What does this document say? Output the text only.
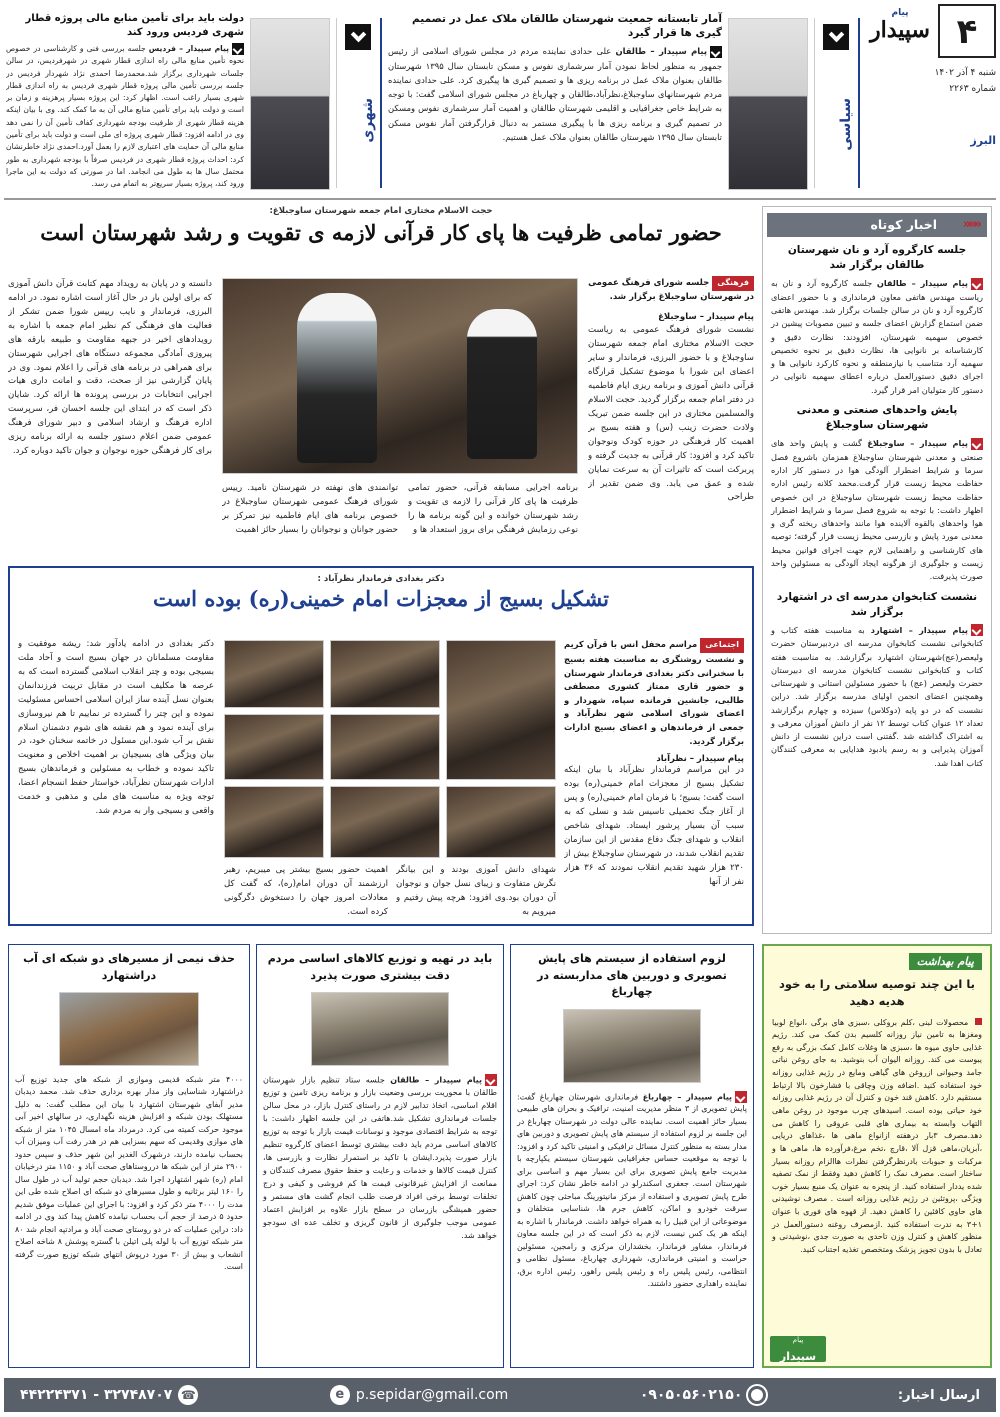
۴
پیام
سپیدار
شنبه ۴ آذر ۱۴۰۲
شماره ۲۲۶۳
البرز
سیاسی
آمار تابستانه جمعیت شهرستان طالقان ملاک عمل در تصمیم گیری ها قرار گیرد
پیام سپیدار – طالقان علی حدادی نماینده مردم در مجلس شورای اسلامی از رئیس جمهور به منظور لحاظ نمودن آمار سرشماری نفوس و مسکن تابستان سال ۱۳۹۵ شهرستان طالقان بعنوان ملاک عمل در برنامه ریزی ها و تصمیم گیری ها پیگیری کرد. علی حدادی نماینده مردم شهرستانهای ساوجبلاغ،نظرآباد،طالقان و چهارباغ در مجلس شورای اسلامی گفت: با توجه به شرایط خاص جغرافیایی و اقلیمی شهرستان طالقان و اهمیت آمار سرشماری نفوس ومسکن در تصمیم گیری و برنامه ریزی ها با پیگیری مستمر به دنبال قرارگرفتن آمار نفوس مسکن تابستان سال ۱۳۹۵ شهرستان طالقان بعنوان ملاک عمل هستیم.
شهری
دولت باید برای تأمین منابع مالی پروژه قطار شهری فردیس ورود کند
پیام سپیدار – فردیس جلسه بررسی فنی و کارشناسی در خصوص نحوه تأمین منابع مالی راه اندازی قطار شهری در شهرفردیس، در سالن جلسات شهرداری برگزار شد.محمدرضا احمدی نژاد شهردار فردیس در جلسه بررسی تأمین مالی پروژه قطار شهری فردیس به راه اندازی قطار شهری بسیار راغب است. اظهار کرد: این پروژه بسیار پرهزینه و زمان بر است و دولت باید برای تأمین منابع مالی آن به ما کمک کند. وی با بیان اینکه هزینه قطار شهری از ظرفیت بودجه شهرداری کفاف تأمین آن را نمی دهد وی در ادامه افزود: قطار شهری پروژه ای ملی است و دولت باید برای تأمین منابع مالی آن حمایت های اعتباری لازم را بعمل آورد.احمدی نژاد خاطرنشان کرد: احداث پروژه قطار شهری در فردیس صرفاً با بودجه شهرداری به طور محتمل سال ها به طول می انجامد. اما در صورتی که دولت به این ماجرا ورود کند، پروژه بسیار سریع‌تر به اتمام می رسد.
«««
اخبار کوتاه
جلسه کارگروه آرد و نان شهرستان طالقان برگزار شد
پیام سپیدار – طالقان جلسه کارگروه آرد و نان به ریاست مهندس هاتفی معاون فرمانداری و با حضور اعضای کارگروه آرد و نان در سالن جلسات برگزار شد. مهندس هاتفی ضمن استماع گزارش اعضای جلسه و تبیین مصوبات پیشین در خصوص سهمیه شهرستان، افزودند: نظارت دقیق و کارشناسانه بر نانوایی ها، نظارت دقیق بر نحوه تخصیص سهمیه آرد متناسب با نیازمنطقه و نحوه کارکرد نانوایی ها و اجرای دقیق دستورالعمل درباره اعطای سهمیه نانوایی در دستور کار متولیان امر قرار گیرد.
پایش واحدهای صنعتی و معدنی شهرستان ساوجبلاغ
پیام سپیدار – ساوجبلاغ گشت و پایش واحد های صنعتی و معدنی شهرستان ساوجبلاغ همزمان باشروع فصل سرما و شرایط اضطرار آلودگی هوا در دستور کار اداره حفاظت محیط زیست قرار گرفت.محمد کلانه رئیس اداره حفاظت محیط زیست شهرستان ساوجبلاغ در این خصوص اظهار داشت: با توجه به شروع فصل سرما و شرایط اضطرار هوا واحدهای بالقوه آلاینده هوا مانند واحدهای ریخته گری و معدنی مورد پایش و بازرسی محیط زیست قرار گرفته؛ توصیه های کارشناسی و راهنمایی لازم جهت اجرای قوانین محیط زیست و جلوگیری از هرگونه ایجاد آلودگی به مسئولین واحد صورت پذیرفت.
نشست کتابخوان مدرسه ای در اشتهارد برگزار شد
پیام سپیدار – اشتهارد به مناسبت هفته کتاب و کتابخوانی نشست کتابخوان مدرسه ای دردبیرستان حضرت ولیعصر(عج)شهرستان اشتهارد برگزارشد. به مناسبت هفته کتاب و کتابخوانی نشست کتابخوان مدرسه ای دبیرستان حضرت ولیعصر (عج) با حضور مسئولین استانی و شهرستانی وهمچنین اعضای انجمن اولیای مدرسه برگزار شد. دراین نشست که در دو پایه (دوکلاس) سیزده و چهارم برگزارشد تعداد ۱۲ عنوان کتاب توسط ۱۲ نفر از دانش آموزان معرفی و به اشتراک گذاشته شد .گفتنی است دراین نشست از دانش آموزان پذیرایی و به رسم یادبود هدایایی به معرفی کنندگان کتاب اهدا شد.
حجت الاسلام مختاری امام جمعه شهرستان ساوجبلاغ:
حضور تمامی ظرفیت ها پای کار قرآنی لازمه ی تقویت و رشد شهرستان است
فرهنگی جلسه شورای فرهنگ عمومی در شهرستان ساوجبلاغ برگزار شد.
پیام سپیدار – ساوجبلاغ
نشست شورای فرهنگ عمومی به ریاست حجت الاسلام مختاری امام جمعه شهرستان ساوجبلاغ و با حضور البرزی، فرماندار و سایر اعضای این شورا با موضوع تشکیل قرارگاه قرآنی دانش آموزی و برنامه ریزی ایام فاطمیه در دفتر امام جمعه برگزار گردید. حجت الاسلام والمسلمین مختاری در این جلسه ضمن تبریک ولادت حضرت زینب (س) و هفته بسیج بر اهمیت کار فرهنگی در حوزه کودک ونوجوان تاکید کرد و افزود: کار قرآنی به جدیت گرفته و پربرکت است که تاثیرات آن به سرعت نمایان شده و عمق می یابد. وی ضمن تقدیر از طراحی
برنامه اجرایی مسابقه قرآنی، حضور تمامی ظرفیت ها پای کار قرآنی را لازمه ی تقویت و رشد شهرستان خوانده و این گونه برنامه ها را نوعی رزمایش فرهنگی برای بروز استعداد ها و
توانمندی های نهفته در شهرستان نامید. رییس شورای فرهنگ عمومی شهرستان ساوجبلاغ در خصوص برنامه های ایام فاطمیه نیز تمرکز بر حضور جوانان و نوجوانان را بسیار حائز اهمیت
دانسته و در پایان به رویداد مهم کتابت قرآن دانش آموزی که برای اولین بار در حال آغاز است اشاره نمود. در ادامه البرزی، فرماندار و نایب رییس شورا ضمن تشکر از فعالیت های فرهنگی کم نظیر امام جمعه با اشاره به رویدادهای اخیر در جبهه مقاومت و طبیعه بارقه های پیروزی آمادگی مجموعه دستگاه های اجرایی شهرستان برای همراهی در برنامه های قرآنی را اعلام نمود. وی در پایان گزارشی نیز از صحت، دقت و امانت داری هیات اجرایی انتخابات در بررسی پرونده ها ارائه کرد. شایان ذکر است که در ابتدای این جلسه احسان فر، سرپرست اداره فرهنگ و ارشاد اسلامی و دبیر شورای فرهنگ عمومی ضمن اعلام دستور جلسه به ارائه برنامه ریزی برای کار فرهنگی حوزه نوجوان و جوان تاکید دوباره کرد.
دکتر بغدادی فرماندار نظرآباد :
تشکیل بسیج از معجزات امام خمینی(ره) بوده است
اجتماعی مراسم محفل انس با قرآن کریم و نشست روشنگری به مناسبت هفته بسیج با سخنرانی دکتر بغدادی فرماندار شهرستان و حضور قاری ممتاز کشوری مصطفی طالبی، جانشین فرمانده سپاه، شهردار و اعضای شورای اسلامی شهر نظرآباد و جمعی از فرماندهان و اعضای بسیج ادارات برگزار گردید.
پیام سپیدار – نظرآباد
در این مراسم فرماندار نظرآباد با بیان اینکه تشکیل بسیج از معجزات امام خمینی(ره) بوده است گفت: بسیج؛ با فرمان امام خمینی(ره) و پس از آغاز جنگ تحمیلی تاسیس شد و نسلی که به سبب آن بسیار پرشور ایستاد. شهدای شاخص انقلاب و شهدای جنگ دفاع مقدس از این سازمان تقدیم انقلاب شدند، در شهرستان ساوجبلاغ بیش از ۲۳۰ هزار شهید تقدیم انقلاب نمودند که ۳۶ هزار نفر از آنها
شهدای دانش آموزی بودند و این بیانگر نگرش متفاوت و زیبای نسل جوان و نوجوان آن دوران بود.وی افزود: هرچه پیش رفتیم و میرویم به
اهمیت حضور بسیج بیشتر پی میبریم، رهبر ارزشمند آن دوران امام(ره)، که گفت کل معادلات امروز جهان را دستخوش دگرگونی کرده است.
دکتر بغدادی در ادامه یادآور شد: ریشه موفقیت و مقاومت مسلمانان در جهان بسیج است و آحاد ملت بسیجی بوده و چتر انقلاب اسلامی گسترده است که به عرصه ها مکلیف است در مقابل تربیت فرزندانمان بعنوان نسل آینده ساز ایران اسلامی احساس مسئولیت نموده و این چتر را گسترده تر نماییم تا هم نیروسازی برای آینده نمود و هم نقشه های شوم دشمنان اسلام نقش بر آب شود.این مسئول در خاتمه سخنان خود، در بیان ویژگی های بسیجیان بر اهمیت اخلاص و معنویت تاکید نموده و خطاب به مسئولین و فرماندهان بسیج ادارات شهرستان نظرآباد، خواستار حفظ انسجام اعضا، توجه ویژه به مناسبت های ملی و مذهبی و خدمت واقعی و بسیجی وار به مردم شد.
لزوم استفاده از سیستم های پایش تصویری و دوربین های مداربسته در چهارباغ
پیام سپیدار – چهارباغ فرمانداری شهرستان چهارباغ گفت: پایش تصویری از ۳ منظر مدیریت امنیت، ترافیک و بحران های طبیعی بسیار حائز اهمیت است. نماینده عالی دولت در شهرستان چهارباغ در این جلسه بر لزوم استفاده از سیستم های پایش تصویری و دوربین های مدار بسته به منظور کنترل مسائل ترافیکی و امنیتی تاکید کرد و افزود: با توجه به موقعیت حساس جغرافیایی شهرستان سیستم یکپارچه با مدیریت جامع پایش تصویری برای این بسیار مهم و اساسی برای شهرستان است. جعفری اسکندرلو در ادامه خاطر نشان کرد: اجرای طرح پایش تصویری و استفاده از مرکز مانیتورینگ مباحثی چون کاهش سرقت خودرو و اماکن، کاهش جرم ها، شناسایی متخلفان و موضوعاتی از این قبیل را به همراه خواهد داشت. فرماندار با اشاره به اینکه هر یک کس نیست، لازم به ذکر است که در این جلسه معاون فرماندار، مشاور فرماندار، بخشداران مرکزی و رامجین، مسئولین حراست و امنیتی فرمانداری، شهرداری چهارباغ، مسئول نظامی و انتظامی، رئیس پلیس راه و رئیس پلیس راهور، رئیس اداره برق، نماینده راهداری حضور داشتند.
باید در تهیه و توزیع کالاهای اساسی مردم دقت بیشتری صورت پذیرد
پیام سپیدار – طالقان جلسه ستاد تنظیم بازار شهرستان طالقان با محوریت بررسی وضعیت بازار و برنامه ریزی تامین و توزیع اقلام اساسی، اتخاذ تدابیر لازم در راستای کنترل بازار، در محل سالن جلسات فرمانداری تشکیل شد.هاتفی در این جلسه اظهار داشت: با توجه به شرایط اقتصادی موجود و نوسانات قیمت بازار با توجه به توزیع کالاهای اساسی مردم باید دقت بیشتری توسط اعضای کارگروه تنظیم بازار صورت پذیرد.ایشان با تاکید بر استمرار نظارت و بازرسی ها، کنترل قیمت کالاها و خدمات و رعایت و حفظ حقوق مصرف کنندگان و ممانعت از افزایش غیرقانونی قیمت ها کم فروشی و کیفی و درج تخلفات توسط برخی افراد فرصت طلب انجام گشت های مستمر و حضور همیشگی بازرسان در سطح بازار علاوه بر افزایش اعتماد عمومی موجب جلوگیری از قانون گریزی و تخلف عده ای سودجو خواهد شد.
حذف نیمی از مسیرهای دو شبکه ای آب دراشتهارد
۴۰۰۰ متر شبکه قدیمی وموازی از شبکه های جدید توزیع آب دراشتهارد شناسایی واز مدار بهره برداری حذف شد. محمد دیدبان مدیر آبفای شهرستان اشتهارد با بیان این مطلب گفت: به دلیل مستهلک بودن شبکه و افزایش هزینه نگهداری، در سالهای اخیر آبی موجود حرکت کمیته می کرد. درمرداد ماه امسال ۱۰۴۵ متر از شبکه های موازی وقدیمی که سهم بسزایی هم در هدر رفت آب ومیزان آب بحساب نیامده دارند، درشهرک الغدیر این شهر حذف و سپس حدود ۲۹۰۰ متر از این شبکه ها درروستاهای صحت آباد و ۱۱۵۰ متر درخیابان امام (ره) شهر اشتهارد اجرا شد. دیدبان حجم تولید آب در طول سال را ۱۶۰ لیتر برثانیه و طول مسیرهای دو شبکه ای اصلاح شده طی این مدت را ۴۰۰۰ متر ذکر کرد و افزود: با اجرای این عملیات موفق شدیم حدود ۵ درصد از حجم آب بحساب نیامده کاهش پیدا کند وی در ادامه داد: دراین عملیات که در دو روستای صحت آباد و مرادتپه انجام شد ۸۰ متر شبکه توزیع آب با لوله پلی اتیلن با گستره پوشش ۸ شاخه اصلاح انشعاب و بیش از ۳۰ مورد درپوش انتهای شبکه توزیع صورت گرفته است.
پیام بهداشت
با این چند توصیه سلامتی را به خود هدیه دهید
محصولات لبنی ،کلم بروکلی ،سبزی های برگی ،انواع لوبیا ومغزها به تامین نیاز روزانه کلسیم بدن کمک می کند. رژیم غذایی حاوی میوه ها ،سبزی ها وغلات کامل کمک بزرگی به رفع یبوست می کند. روزانه الیوان آب بنوشید. به جای روغن نباتی جامد وحیوانی ازروغن های گیاهی ومایع در رژیم غذایی روزانه خود استفاده کنید .اضافه وزن وچاقی با فشارخون بالا ارتباط مستقیم دارد .کاهش قند خون و کنترل آن در رژیم غذایی روزانه خود حیاتی بوده است. اسیدهای چرب موجود در روغن ماهی التهاب وابسته به بیماری های قلبی عروقی را کاهش می دهد.مصرف ۳بار درهفته ازانواع ماهی ها ،غذاهای دریایی ،آبزیان،ماهی قزل آلا ،قارچ ،تخم مرغ،فرآورده ها، ماهی ها و مرکبات و حبوبات بادرنظرگرفتن نظرات هاالزام روزانه بسیار ساختار است. مصرف نمک را کاهش دهید وفقط از نمک تصفیه شده یددار استفاده کنید. از پنجره به عنوان یک منبع بسیار خوب ویژگی ،پروتئین در رژیم غذایی روزانه است . مصرف نوشیدنی های حاوی کافئین را کاهش دهید. از قهوه های فوری با عنوان ۱+۳ به ندرت استفاده کنید .ازمصرف روغنه دستورالعمل در منظور کاهش و کنترل وزن تاحدی به صورت جدی ،نوشیدنی و تعادل با بدون تجویز پزشک ومتخصص تغذیه اجتناب کنید.
پیام
سپیدار
ارسال اخبار:
۰۹۰۵۰۵۶۰۲۱۵۰
e p.sepidar@gmail.com
☎
۳۲۷۴۸۷۰۷ - ۴۴۲۲۴۳۷۱
